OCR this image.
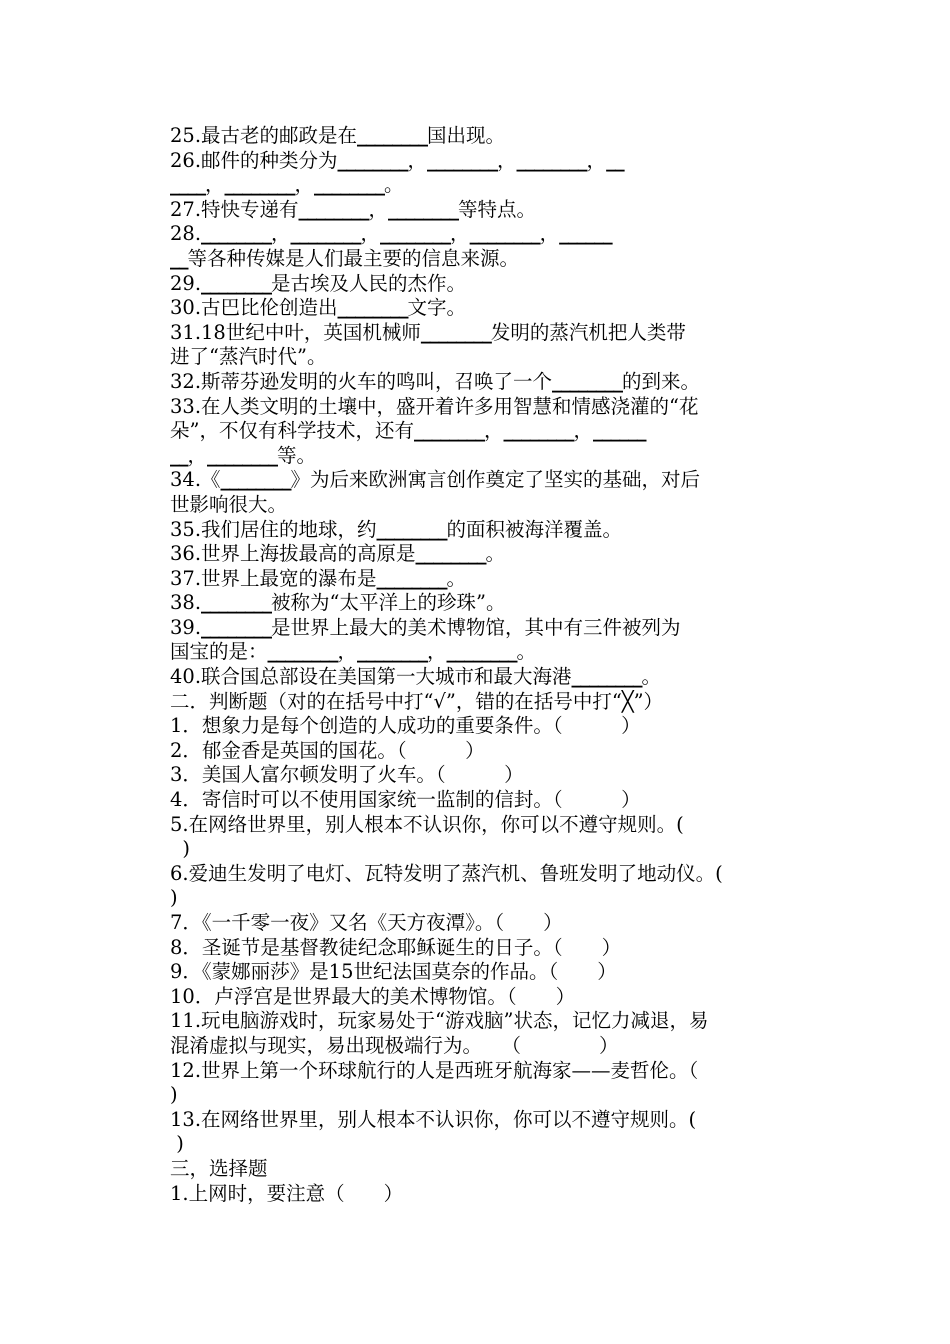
25.最古老的邮政是在________国出现。
26.邮件的种类分为________，________，________，__
____，________，________。
27.特快专递有________，________等特点。
28.________，________，________，________，______
__等各种传媒是人们最主要的信息来源。
29.________是古埃及人民的杰作。
30.古巴比伦创造出________文字。
31.18世纪中叶，英国机械师________发明的蒸汽机把人类带
进了“蒸汽时代”。
32.斯蒂芬逊发明的火车的鸣叫，召唤了一个________的到来。
33.在人类文明的土壤中，盛开着许多用智慧和情感浇灌的“花
朵”，不仅有科学技术，还有________，________，______
__，________等。
34.《________》为后来欧洲寓言创作奠定了坚实的基础，对后
世影响很大。
35.我们居住的地球，约________的面积被海洋覆盖。
36.世界上海拔最高的高原是________。
37.世界上最宽的瀑布是________。
38.________被称为“太平洋上的珍珠”。
39.________是世界上最大的美术博物馆，其中有三件被列为
国宝的是：________，________，________。
40.联合国总部设在美国第一大城市和最大海港________。
二．判断题（对的在括号中打“√”，错的在括号中打“╳”）
1．想象力是每个创造的人成功的重要条件。（　　　）
2．郁金香是英国的国花。（　　　）
3．美国人富尔顿发明了火车。（　　　）
4．寄信时可以不使用国家统一监制的信封。（　　　）
5.在网络世界里，别人根本不认识你，你可以不遵守规则。(
)
6.爱迪生发明了电灯、瓦特发明了蒸汽机、鲁班发明了地动仪。(
)
7．《一千零一夜》又名《天方夜潭》。（　　）
8．圣诞节是基督教徒纪念耶稣诞生的日子。（　　）
9．《蒙娜丽莎》是15世纪法国莫奈的作品。（　　）
10．卢浮宫是世界最大的美术博物馆。（　　）
11.玩电脑游戏时，玩家易处于“游戏脑”状态，记忆力减退，易
混淆虚拟与现实，易出现极端行为。　　（　　　　）
12.世界上第一个环球航行的人是西班牙航海家——麦哲伦。（
)
13.在网络世界里，别人根本不认识你，你可以不遵守规则。(
)
三，选择题
1.上网时，要注意（　　）
